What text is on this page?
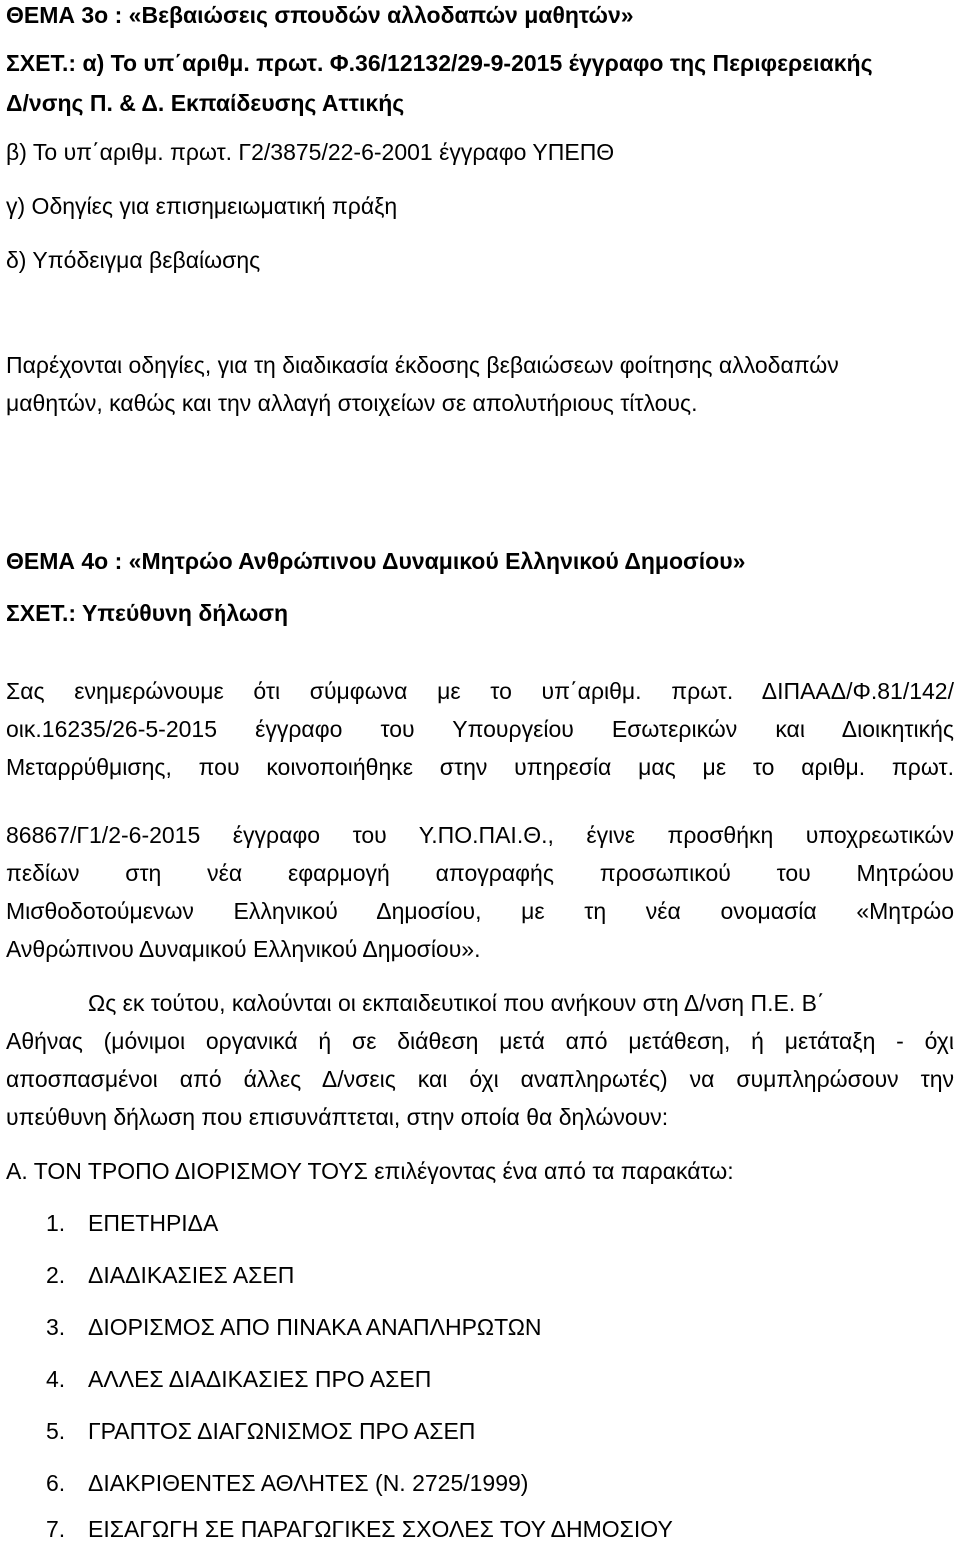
ΘΕΜΑ 3ο : «Βεβαιώσεις σπουδών αλλοδαπών μαθητών»
ΣΧΕΤ.: α) Το υπ΄αριθμ. πρωτ. Φ.36/12132/29-9-2015 έγγραφο της Περιφερειακής
Δ/νσης Π. & Δ. Εκπαίδευσης Αττικής
β) Το υπ΄αριθμ. πρωτ. Γ2/3875/22-6-2001 έγγραφο ΥΠΕΠΘ
γ) Οδηγίες για επισημειωματική πράξη
δ) Υπόδειγμα βεβαίωσης
Παρέχονται οδηγίες, για τη διαδικασία έκδοσης βεβαιώσεων φοίτησης αλλοδαπών
μαθητών, καθώς και την αλλαγή στοιχείων σε απολυτήριους τίτλους.
ΘΕΜΑ 4ο : «Μητρώο Ανθρώπινου Δυναμικού Ελληνικού Δημοσίου»
ΣΧΕΤ.: Υπεύθυνη δήλωση
Σας ενημερώνουμε ότι σύμφωνα με το υπ΄αριθμ. πρωτ. ΔΙΠΑΑΔ/Φ.81/142/
οικ.16235/26-5-2015 έγγραφο του Υπουργείου Εσωτερικών και Διοικητικής
Μεταρρύθμισης, που κοινοποιήθηκε στην υπηρεσία μας με το αριθμ. πρωτ.
86867/Γ1/2-6-2015 έγγραφο του Υ.ΠΟ.ΠΑΙ.Θ., έγινε προσθήκη υποχρεωτικών
πεδίων στη νέα εφαρμογή απογραφής προσωπικού του Μητρώου
Μισθοδοτούμενων Ελληνικού Δημοσίου, με τη νέα ονομασία «Μητρώο
Ανθρώπινου Δυναμικού Ελληνικού Δημοσίου».
Ως εκ τούτου, καλούνται οι εκπαιδευτικοί που ανήκουν στη Δ/νση Π.Ε. Β΄
Αθήνας (μόνιμοι οργανικά ή σε διάθεση μετά από μετάθεση, ή μετάταξη - όχι
αποσπασμένοι από άλλες Δ/νσεις και όχι αναπληρωτές) να συμπληρώσουν την
υπεύθυνη δήλωση που επισυνάπτεται, στην οποία θα δηλώνουν:
Α. ΤΟΝ ΤΡΟΠΟ ΔΙΟΡΙΣΜΟΥ ΤΟΥΣ επιλέγοντας ένα από τα παρακάτω:
1. ΕΠΕΤΗΡΙΔΑ
2. ΔΙΑΔΙΚΑΣΙΕΣ ΑΣΕΠ
3. ΔΙΟΡΙΣΜΟΣ ΑΠΟ ΠΙΝΑΚΑ ΑΝΑΠΛΗΡΩΤΩΝ
4. ΑΛΛΕΣ ΔΙΑΔΙΚΑΣΙΕΣ ΠΡΟ ΑΣΕΠ
5. ΓΡΑΠΤΟΣ ΔΙΑΓΩΝΙΣΜΟΣ ΠΡΟ ΑΣΕΠ
6. ΔΙΑΚΡΙΘΕΝΤΕΣ ΑΘΛΗΤΕΣ (Ν. 2725/1999)
7. ΕΙΣΑΓΩΓΗ ΣΕ ΠΑΡΑΓΩΓΙΚΕΣ ΣΧΟΛΕΣ ΤΟΥ ΔΗΜΟΣΙΟΥ
